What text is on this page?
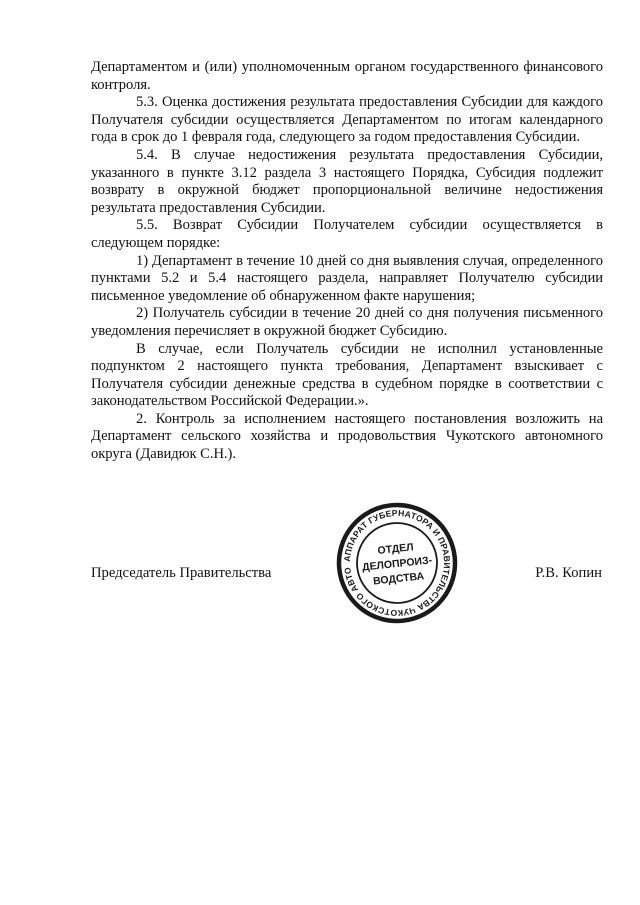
Департаментом и (или) уполномоченным органом государственного финансового контроля.

5.3. Оценка достижения результата предоставления Субсидии для каждого Получателя субсидии осуществляется Департаментом по итогам календарного года в срок до 1 февраля года, следующего за годом предоставления Субсидии.

5.4. В случае недостижения результата предоставления Субсидии, указанного в пункте 3.12 раздела 3 настоящего Порядка, Субсидия подлежит возврату в окружной бюджет пропорциональной величине недостижения результата предоставления Субсидии.

5.5. Возврат Субсидии Получателем субсидии осуществляется в следующем порядке:

1) Департамент в течение 10 дней со дня выявления случая, определенного пунктами 5.2 и 5.4 настоящего раздела, направляет Получателю субсидии письменное уведомление об обнаруженном факте нарушения;

2) Получатель субсидии в течение 20 дней со дня получения письменного уведомления перечисляет в окружной бюджет Субсидию.

В случае, если Получатель субсидии не исполнил установленные подпунктом 2 настоящего пункта требования, Департамент взыскивает с Получателя субсидии денежные средства в судебном порядке в соответствии с законодательством Российской Федерации.».

2. Контроль за исполнением настоящего постановления возложить на Департамент сельского хозяйства и продовольствия Чукотского автономного округа (Давидюк С.Н.).

Председатель Правительства
АППАРАТ ГУБЕРНАТОРА И ПРАВИТЕЛЬСТВА ЧУКОТСКОГО АВТОНОМНОГО
ОТДЕЛ
ДЕЛОПРОИЗ-
ВОДСТВА	Р.В. Копин
